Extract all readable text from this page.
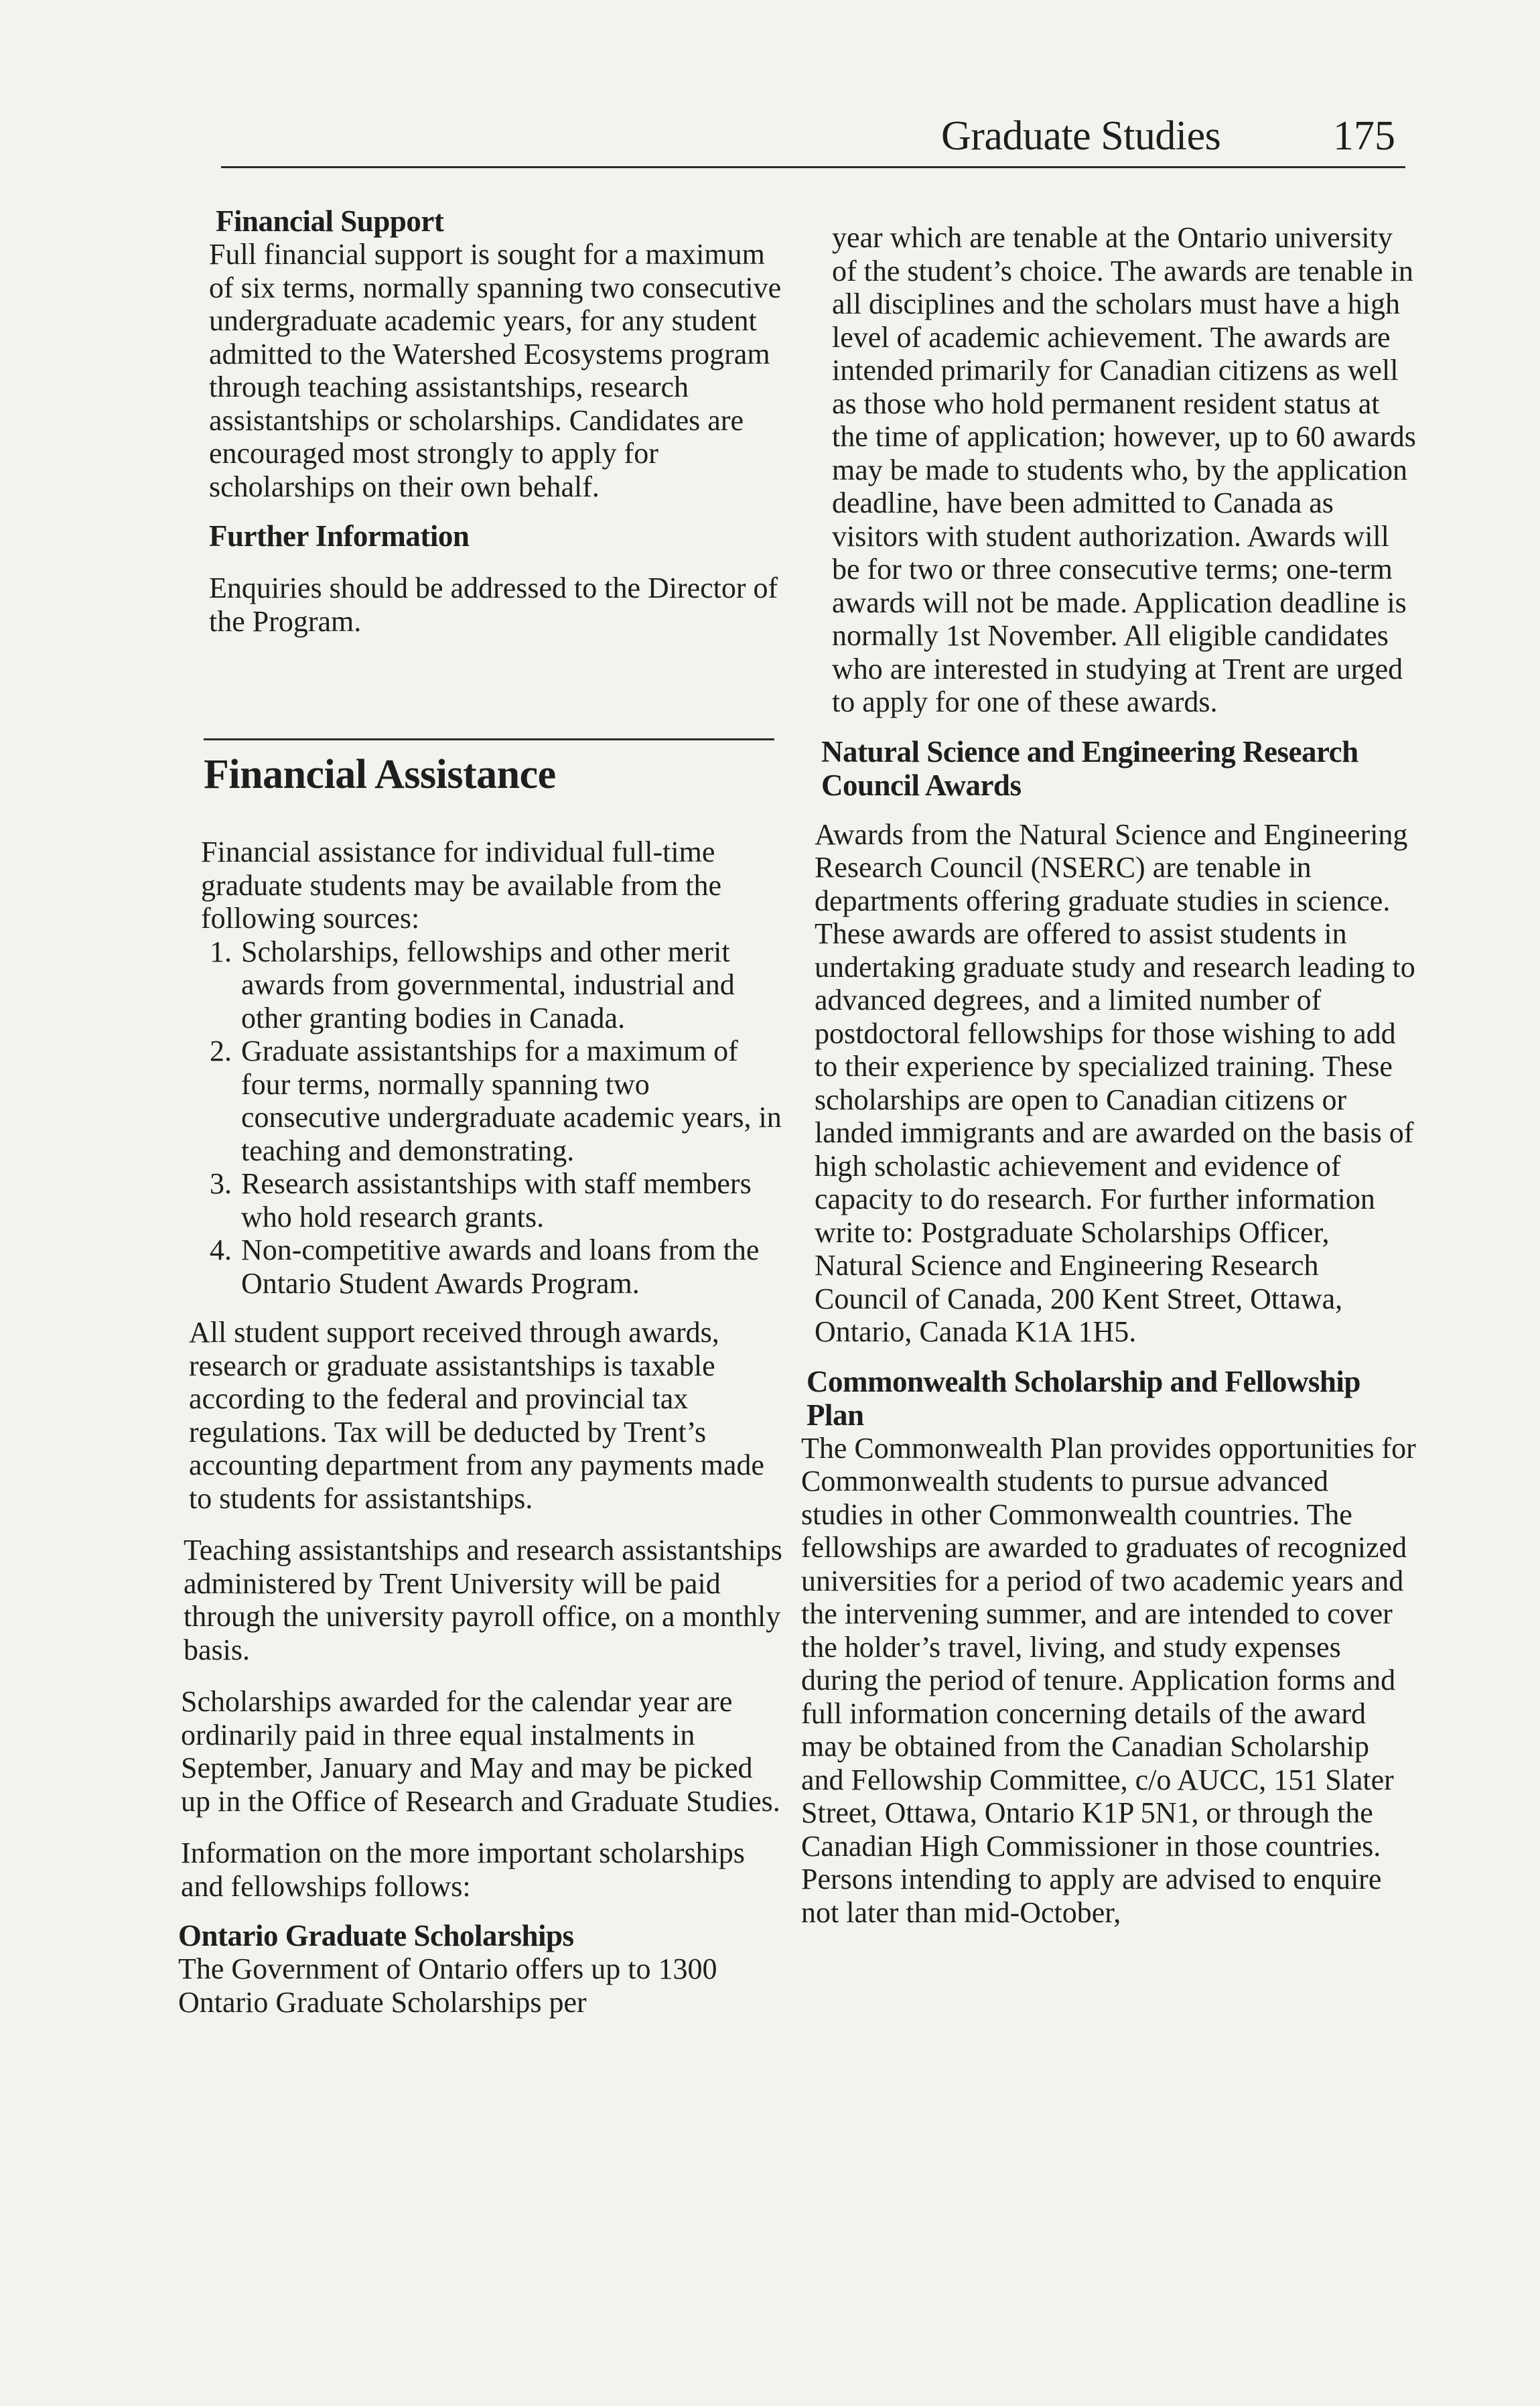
Graduate Studies	175
Financial Support

Full financial support is sought for a maximum of six terms, normally spanning two consecutive undergraduate academic years, for any student admitted to the Watershed Ecosystems program through teaching assistantships, research assistantships or scholarships. Candidates are encouraged most strongly to apply for scholarships on their own behalf.

Further Information

Enquiries should be addressed to the Director of the Program.

Financial Assistance

Financial assistance for individual full-time graduate students may be available from the following sources:

1. Scholarships, fellowships and other merit awards from governmental, industrial and other granting bodies in Canada.
2. Graduate assistantships for a maximum of four terms, normally spanning two consecutive undergraduate academic years, in teaching and demonstrating.
3. Research assistantships with staff members who hold research grants.
4. Non-competitive awards and loans from the Ontario Student Awards Program.

All student support received through awards, research or graduate assistantships is taxable according to the federal and provincial tax regulations. Tax will be deducted by Trent’s accounting department from any payments made to students for assistantships.

Teaching assistantships and research assistantships administered by Trent University will be paid through the university payroll office, on a monthly basis.

Scholarships awarded for the calendar year are ordinarily paid in three equal instalments in September, January and May and may be picked up in the Office of Research and Graduate Studies.

Information on the more important scholarships and fellowships follows:

Ontario Graduate Scholarships

The Government of Ontario offers up to 1300 Ontario Graduate Scholarships per

year which are tenable at the Ontario university of the student’s choice. The awards are tenable in all disciplines and the scholars must have a high level of academic achievement. The awards are intended primarily for Canadian citizens as well as those who hold permanent resident status at the time of application; however, up to 60 awards may be made to students who, by the application deadline, have been admitted to Canada as visitors with student authorization. Awards will be for two or three consecutive terms; one-term awards will not be made. Application deadline is normally 1st November. All eligible candidates who are interested in studying at Trent are urged to apply for one of these awards.

Natural Science and Engineering Research Council Awards

Awards from the Natural Science and Engineering Research Council (NSERC) are tenable in departments offering graduate studies in science. These awards are offered to assist students in undertaking graduate study and research leading to advanced degrees, and a limited number of postdoctoral fellowships for those wishing to add to their experience by specialized training. These scholarships are open to Canadian citizens or landed immigrants and are awarded on the basis of high scholastic achievement and evidence of capacity to do research. For further information write to: Postgraduate Scholarships Officer, Natural Science and Engineering Research Council of Canada, 200 Kent Street, Ottawa, Ontario, Canada K1A 1H5.

Commonwealth Scholarship and Fellowship Plan

The Commonwealth Plan provides opportunities for Commonwealth students to pursue advanced studies in other Commonwealth countries. The fellowships are awarded to graduates of recognized universities for a period of two academic years and the intervening summer, and are intended to cover the holder’s travel, living, and study expenses during the period of tenure. Application forms and full information concerning details of the award may be obtained from the Canadian Scholarship and Fellowship Committee, c/o AUCC, 151 Slater Street, Ottawa, Ontario K1P 5N1, or through the Canadian High Commissioner in those countries. Persons intending to apply are advised to enquire not later than mid-October,
